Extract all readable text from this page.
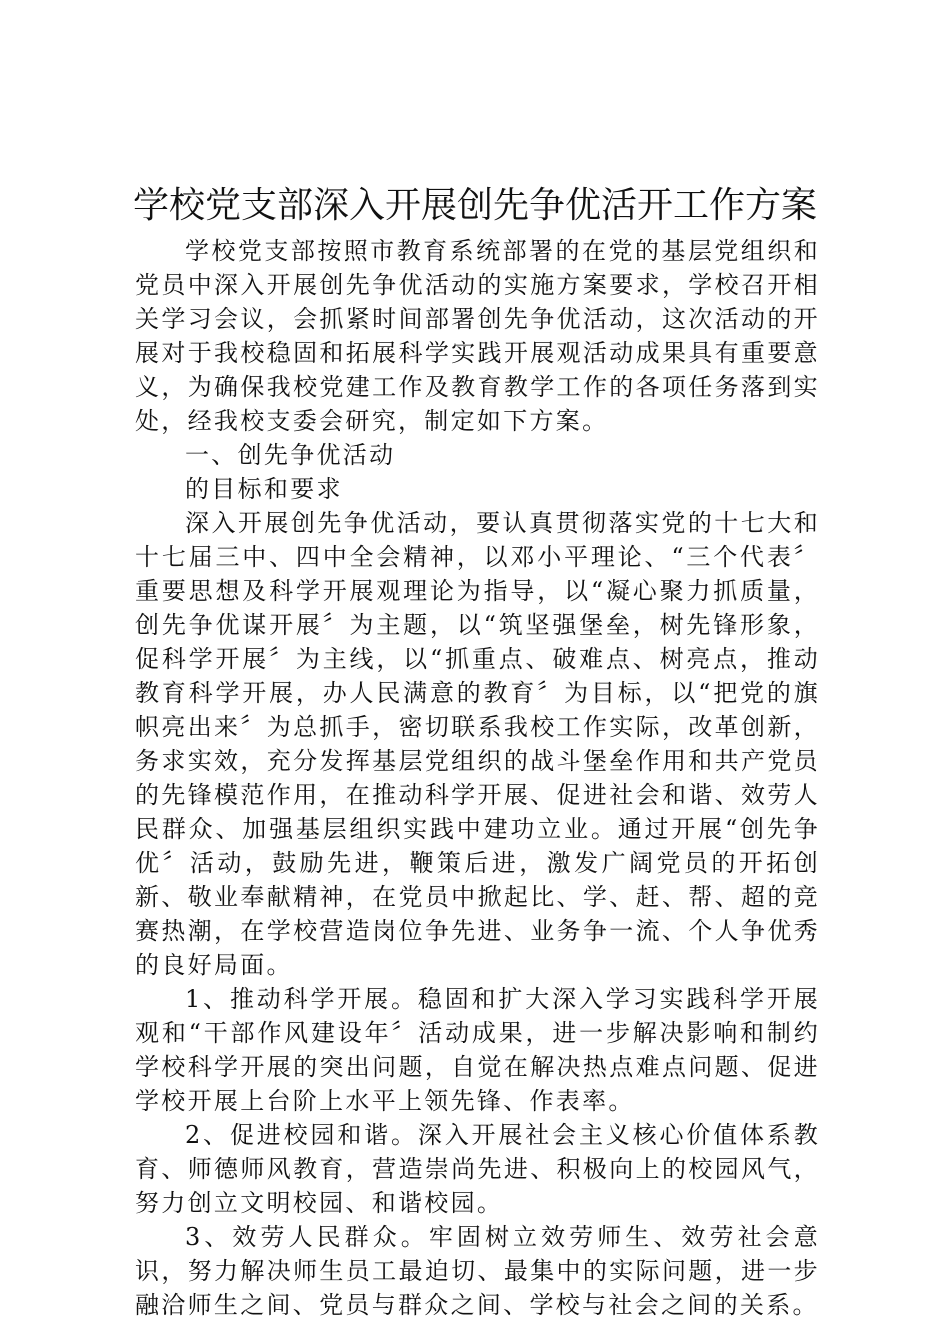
学校党支部深入开展创先争优活开工作方案

学校党支部按照市教育系统部署的在党的基层党组织和党员中深入开展创先争优活动的实施方案要求，学校召开相关学习会议，会抓紧时间部署创先争优活动，这次活动的开展对于我校稳固和拓展科学实践开展观活动成果具有重要意义，为确保我校党建工作及教育教学工作的各项任务落到实处，经我校支委会研究，制定如下方案。

一、创先争优活动

的目标和要求

深入开展创先争优活动，要认真贯彻落实党的十七大和十七届三中、四中全会精神，以邓小平理论、“三个代表〞重要思想及科学开展观理论为指导，以“凝心聚力抓质量，创先争优谋开展〞为主题，以“筑坚强堡垒，树先锋形象，促科学开展〞为主线，以“抓重点、破难点、树亮点，推动教育科学开展，办人民满意的教育〞为目标，以“把党的旗帜亮出来〞为总抓手，密切联系我校工作实际，改革创新，务求实效，充分发挥基层党组织的战斗堡垒作用和共产党员的先锋模范作用，在推动科学开展、促进社会和谐、效劳人民群众、加强基层组织实践中建功立业。通过开展“创先争优〞活动，鼓励先进，鞭策后进，激发广阔党员的开拓创新、敬业奉献精神，在党员中掀起比、学、赶、帮、超的竞赛热潮，在学校营造岗位争先进、业务争一流、个人争优秀的良好局面。

1、推动科学开展。稳固和扩大深入学习实践科学开展观和“干部作风建设年〞活动成果，进一步解决影响和制约学校科学开展的突出问题，自觉在解决热点难点问题、促进学校开展上台阶上水平上领先锋、作表率。

2、促进校园和谐。深入开展社会主义核心价值体系教育、师德师风教育，营造崇尚先进、积极向上的校园风气，努力创立文明校园、和谐校园。

3、效劳人民群众。牢固树立效劳师生、效劳社会意识，努力解决师生员工最迫切、最集中的实际问题，进一步融洽师生之间、党员与群众之间、学校与社会之间的关系。
